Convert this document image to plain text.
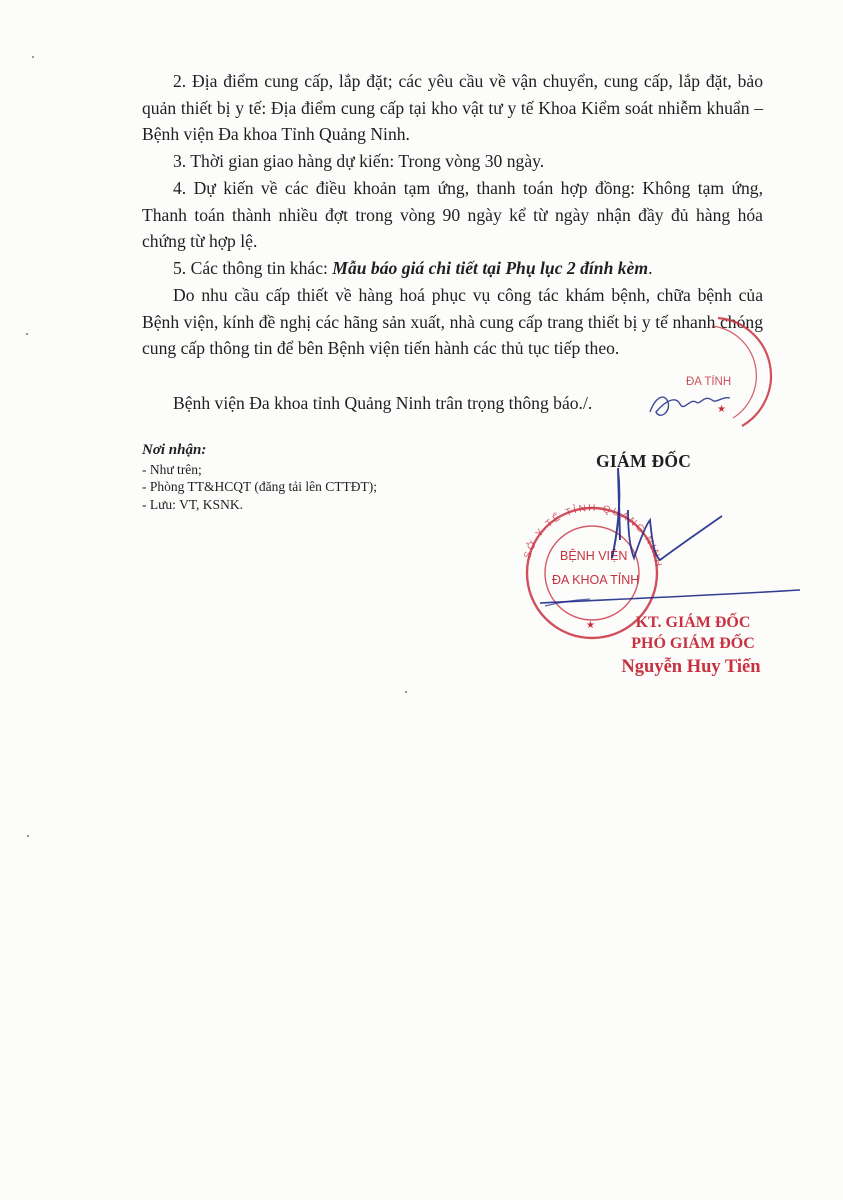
2. Địa điểm cung cấp, lắp đặt; các yêu cầu về vận chuyển, cung cấp, lắp đặt, bảo quản thiết bị y tế: Địa điểm cung cấp tại kho vật tư y tế Khoa Kiểm soát nhiễm khuẩn – Bệnh viện Đa khoa Tỉnh Quảng Ninh.
3. Thời gian giao hàng dự kiến: Trong vòng 30 ngày.
4. Dự kiến về các điều khoản tạm ứng, thanh toán hợp đồng: Không tạm ứng, Thanh toán thành nhiều đợt trong vòng 90 ngày kể từ ngày nhận đầy đủ hàng hóa chứng từ hợp lệ.
5. Các thông tin khác: Mẫu báo giá chi tiết tại Phụ lục 2 đính kèm.
Do nhu cầu cấp thiết về hàng hoá phục vụ công tác khám bệnh, chữa bệnh của Bệnh viện, kính đề nghị các hãng sản xuất, nhà cung cấp trang thiết bị y tế nhanh chóng cung cấp thông tin để bên Bệnh viện tiến hành các thủ tục tiếp theo.
Bệnh viện Đa khoa tỉnh Quảng Ninh trân trọng thông báo./.
Nơi nhận:
- Như trên;
- Phòng TT&HCQT (đăng tải lên CTTĐT);
- Lưu: VT, KSNK.
GIÁM ĐỐC
ĐA TỈNH
★
SỞ Y TẾ TỈNH QUẢNG NINH
BỆNH VIỆN
ĐA KHOA TỈNH
★	KT. GIÁM ĐỐC
PHÓ GIÁM ĐỐC
Nguyễn Huy Tiến
